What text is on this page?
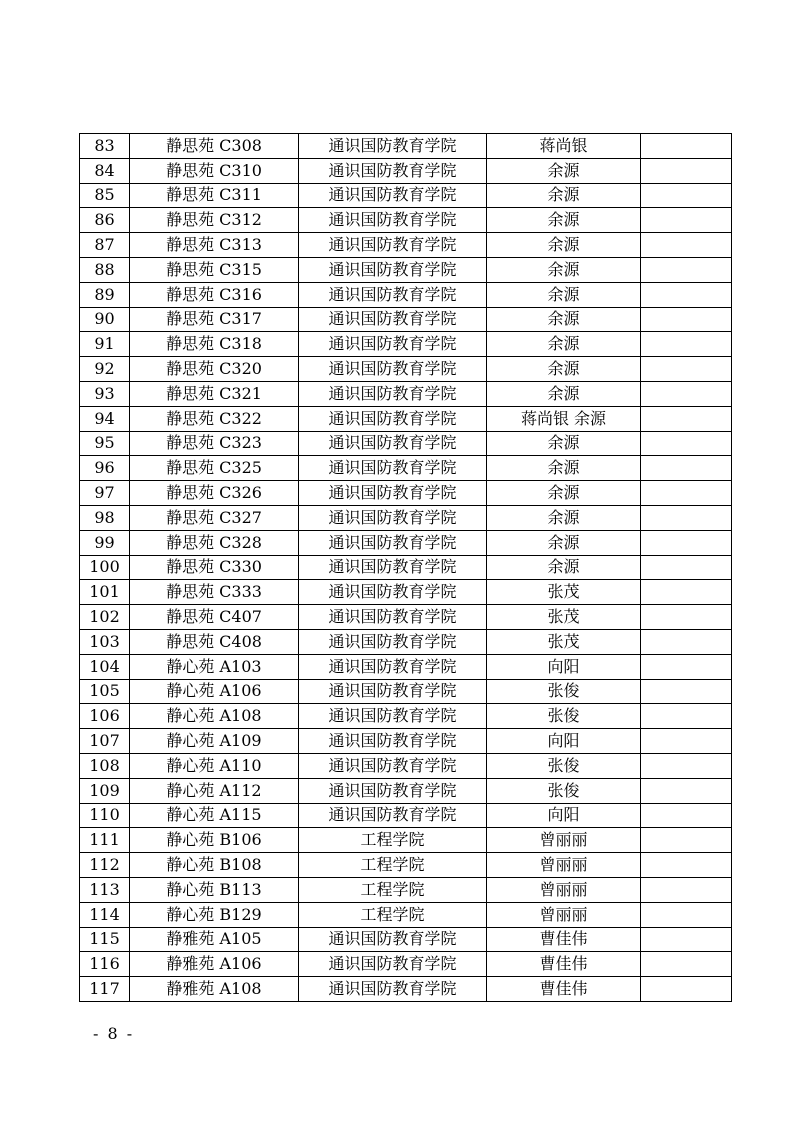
83	静思苑 C308	通识国防教育学院	蒋尚银	
84	静思苑 C310	通识国防教育学院	余源	
85	静思苑 C311	通识国防教育学院	余源	
86	静思苑 C312	通识国防教育学院	余源	
87	静思苑 C313	通识国防教育学院	余源	
88	静思苑 C315	通识国防教育学院	余源	
89	静思苑 C316	通识国防教育学院	余源	
90	静思苑 C317	通识国防教育学院	余源	
91	静思苑 C318	通识国防教育学院	余源	
92	静思苑 C320	通识国防教育学院	余源	
93	静思苑 C321	通识国防教育学院	余源	
94	静思苑 C322	通识国防教育学院	蒋尚银 余源	
95	静思苑 C323	通识国防教育学院	余源	
96	静思苑 C325	通识国防教育学院	余源	
97	静思苑 C326	通识国防教育学院	余源	
98	静思苑 C327	通识国防教育学院	余源	
99	静思苑 C328	通识国防教育学院	余源	
100	静思苑 C330	通识国防教育学院	余源	
101	静思苑 C333	通识国防教育学院	张茂	
102	静思苑 C407	通识国防教育学院	张茂	
103	静思苑 C408	通识国防教育学院	张茂	
104	静心苑 A103	通识国防教育学院	向阳	
105	静心苑 A106	通识国防教育学院	张俊	
106	静心苑 A108	通识国防教育学院	张俊	
107	静心苑 A109	通识国防教育学院	向阳	
108	静心苑 A110	通识国防教育学院	张俊	
109	静心苑 A112	通识国防教育学院	张俊	
110	静心苑 A115	通识国防教育学院	向阳	
111	静心苑 B106	工程学院	曾丽丽	
112	静心苑 B108	工程学院	曾丽丽	
113	静心苑 B113	工程学院	曾丽丽	
114	静心苑 B129	工程学院	曾丽丽	
115	静雅苑 A105	通识国防教育学院	曹佳伟	
116	静雅苑 A106	通识国防教育学院	曹佳伟	
117	静雅苑 A108	通识国防教育学院	曹佳伟	
- 8 -
